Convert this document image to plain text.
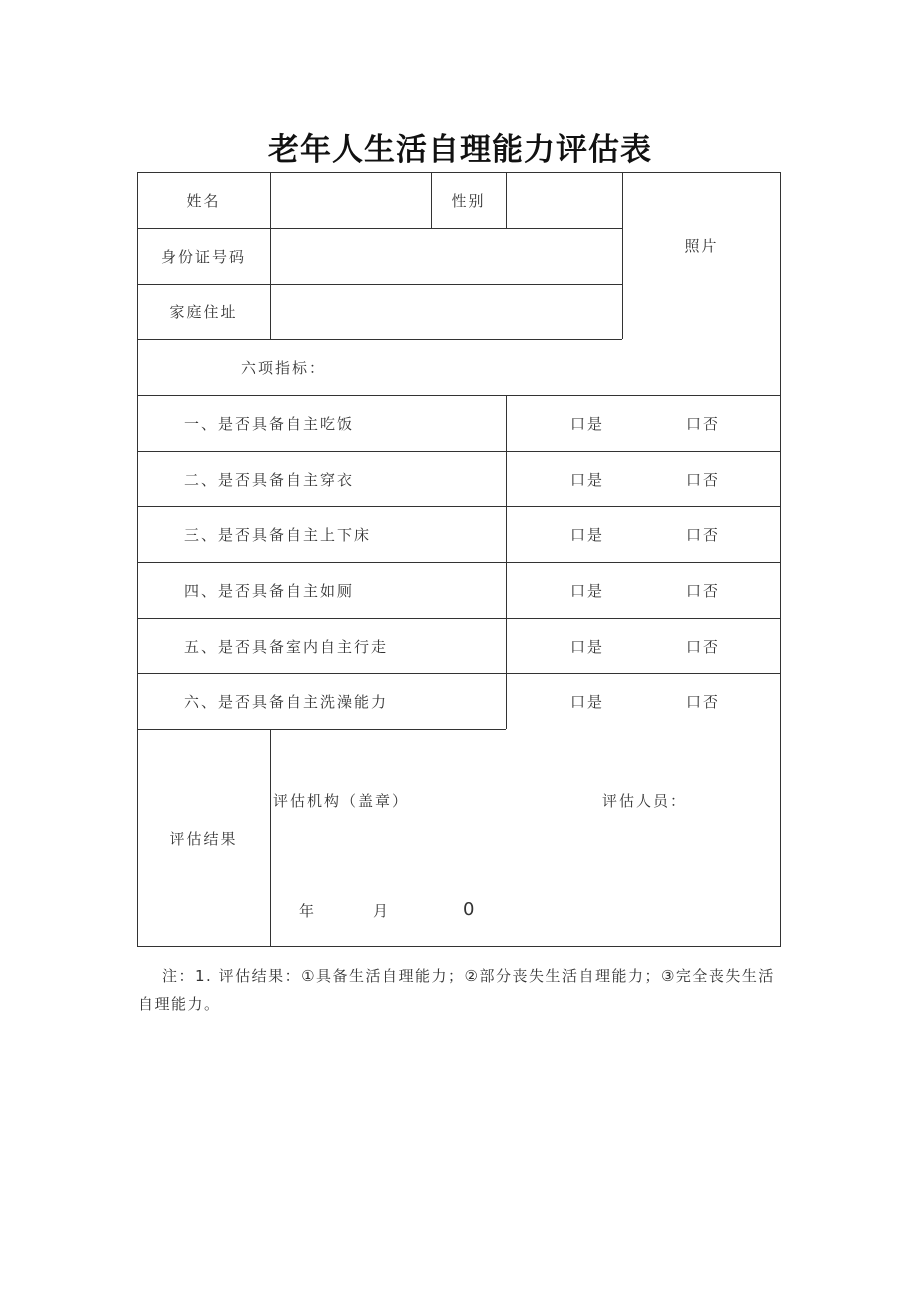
老年人生活自理能力评估表
姓名	性别
身份证号码
家庭住址
照片
六项指标：
一、是否具备自主吃饭	口是	口否
二、是否具备自主穿衣	口是	口否
三、是否具备自主上下床	口是	口否
四、是否具备自主如厕	口是	口否
五、是否具备室内自主行走	口是	口否
六、是否具备自主洗澡能力	口是	口否
评估结果
评估机构（盖章）	评估人员：
年	月	0
注：1. 评估结果：①具备生活自理能力；②部分丧失生活自理能力；③完全丧失生活自理能力。
